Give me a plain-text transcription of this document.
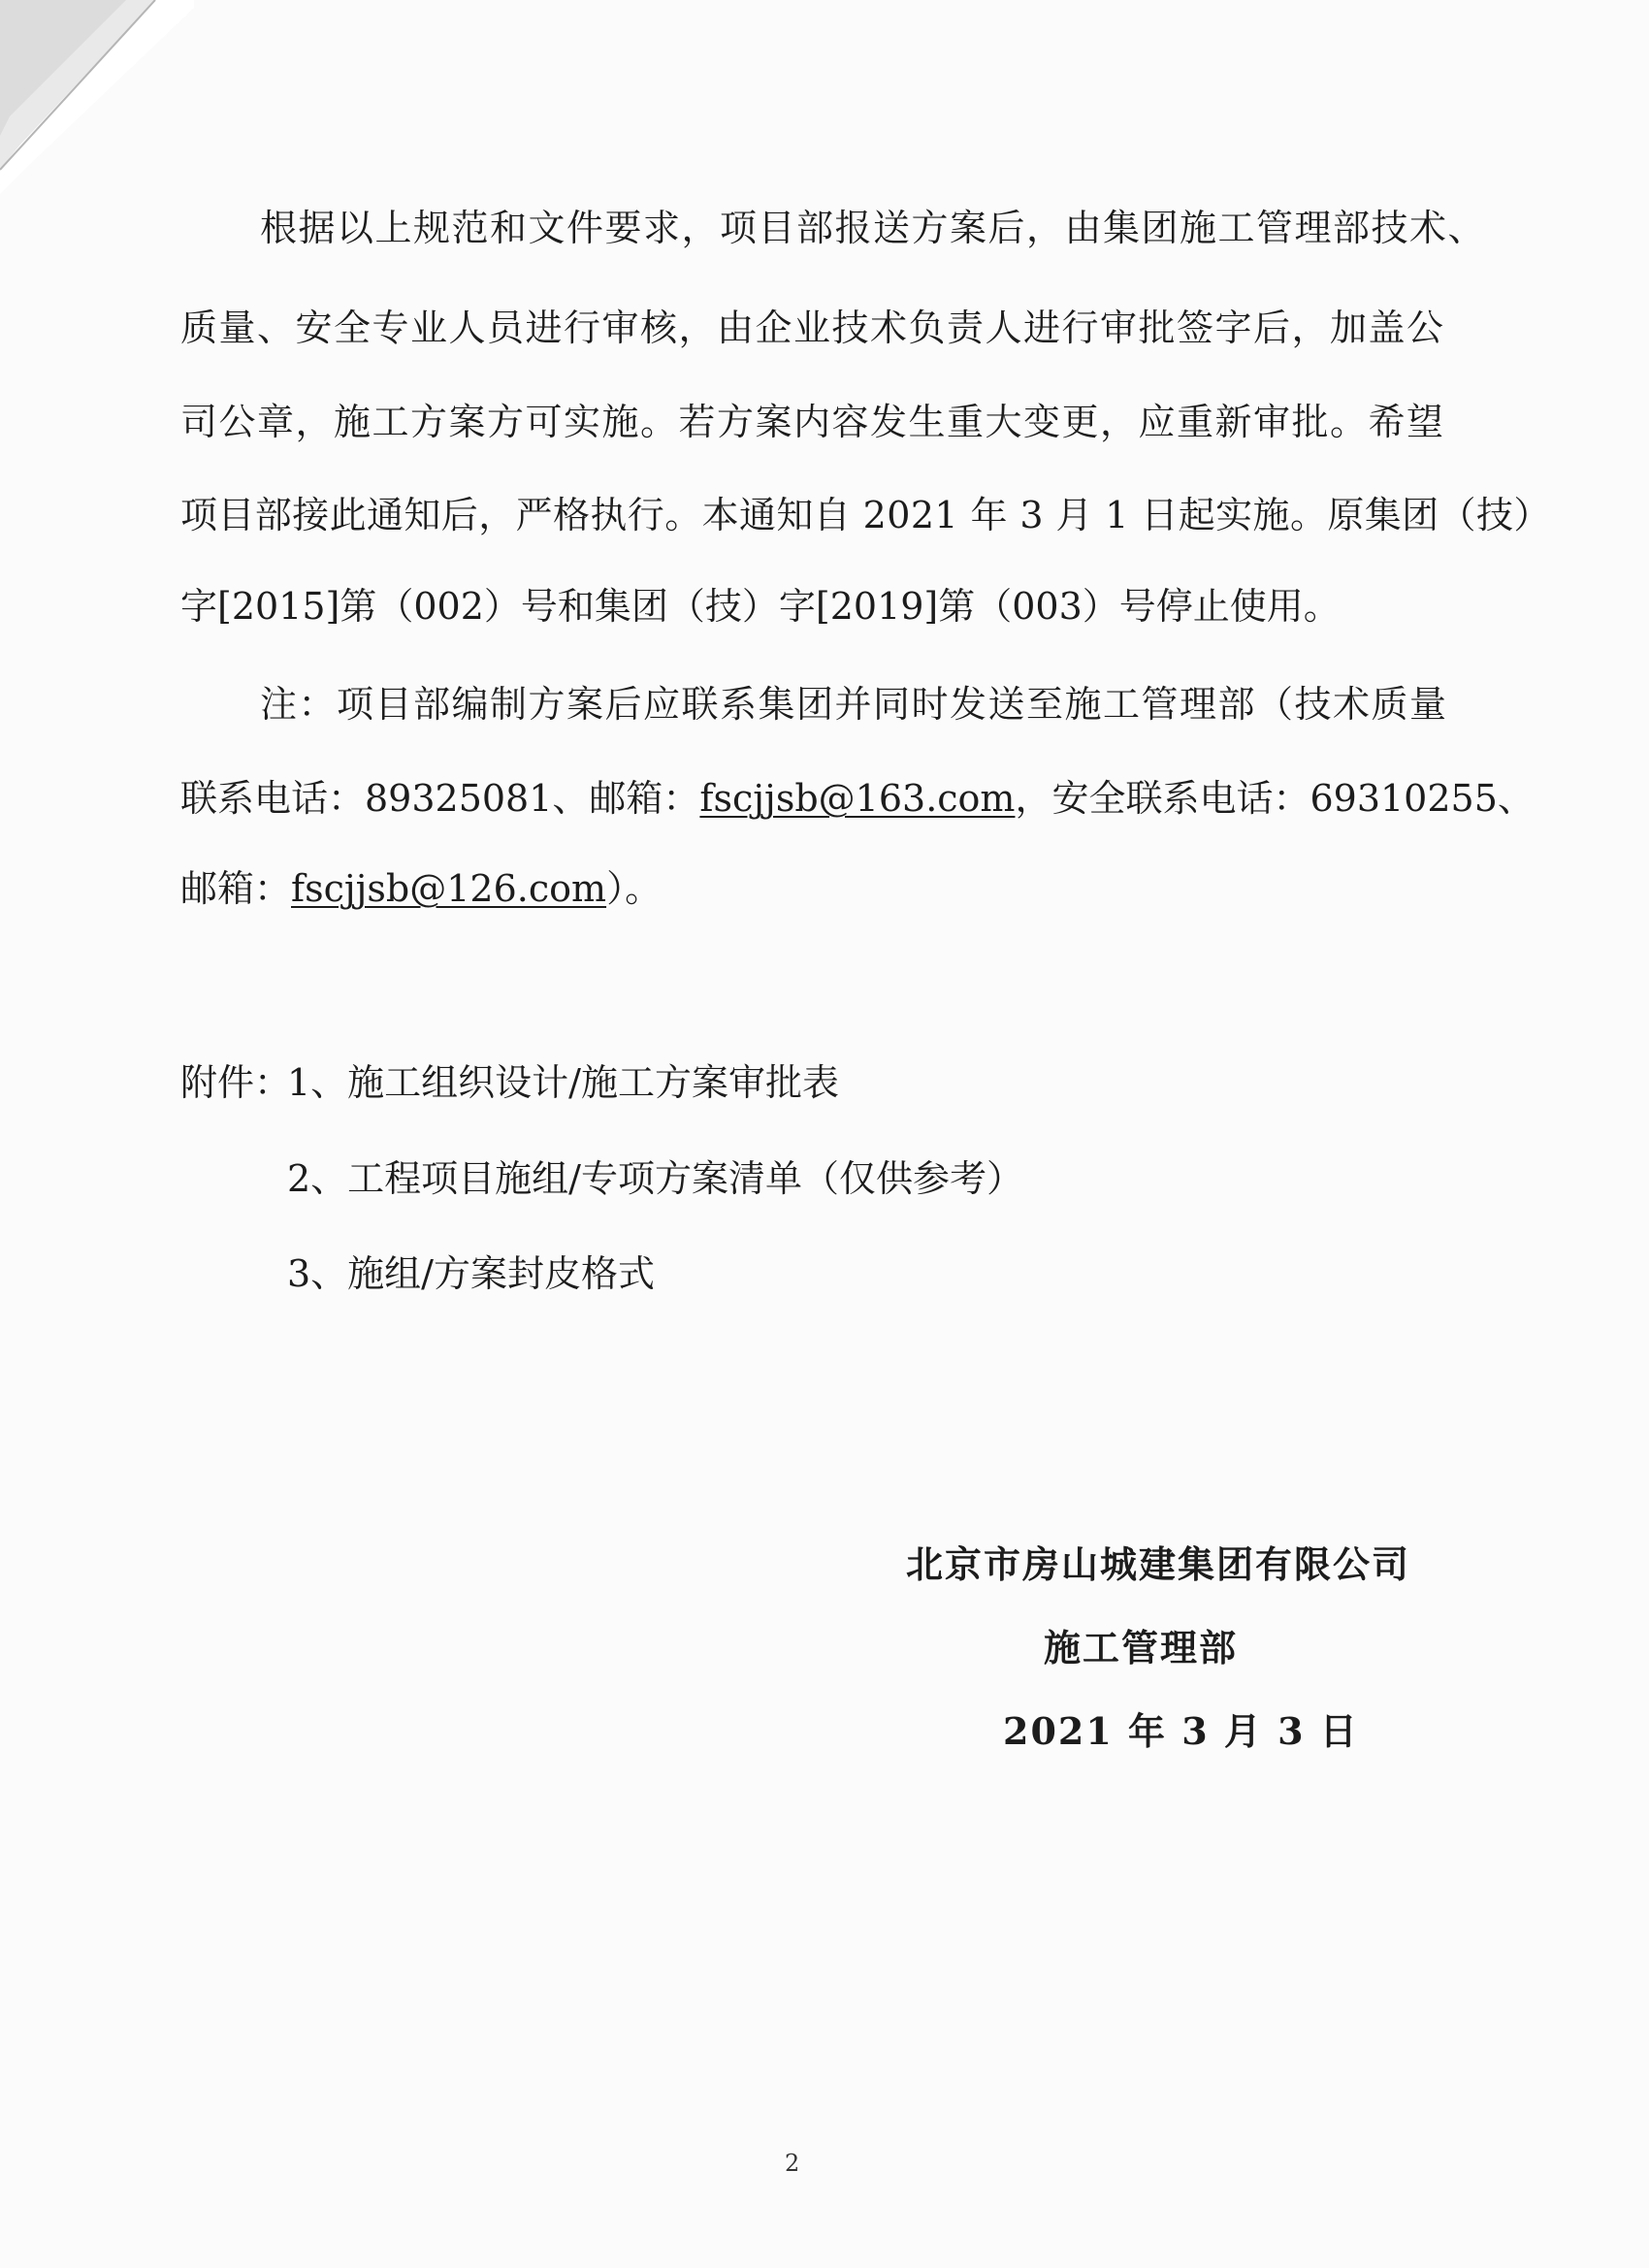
根据以上规范和文件要求，项目部报送方案后，由集团施工管理部技术、
质量、安全专业人员进行审核，由企业技术负责人进行审批签字后，加盖公
司公章，施工方案方可实施。若方案内容发生重大变更，应重新审批。希望
项目部接此通知后，严格执行。本通知自 2021 年 3 月 1 日起实施。原集团（技）
字[2015]第（002）号和集团（技）字[2019]第（003）号停止使用。
注：项目部编制方案后应联系集团并同时发送至施工管理部（技术质量
联系电话：89325081、邮箱：fscjjsb@163.com，安全联系电话：69310255、
邮箱：fscjjsb@126.com）。
附件：
1、施工组织设计/施工方案审批表
2、工程项目施组/专项方案清单（仅供参考）
3、施组/方案封皮格式
北京市房山城建集团有限公司
施工管理部
2021 年 3 月 3 日
2
